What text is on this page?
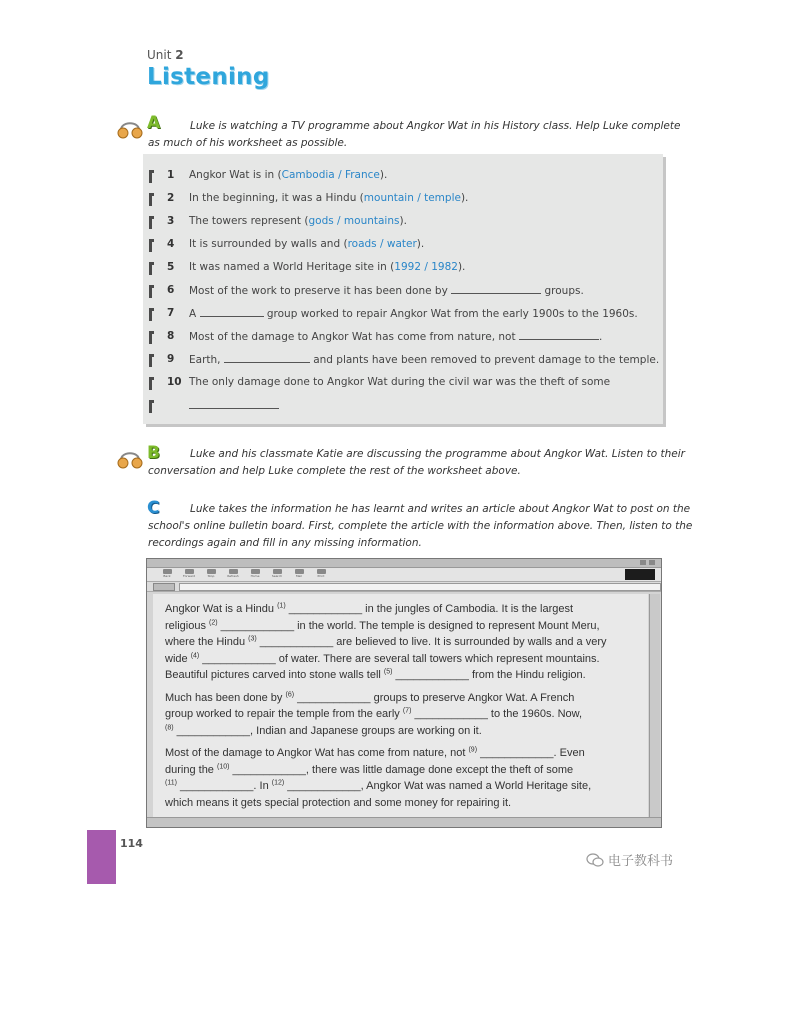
Unit 2
Listening
A	Luke is watching a TV programme about Angkor Wat in his History class. Help Luke complete
as much of his worksheet as possible.
1	Angkor Wat is in (Cambodia / France).
2	In the beginning, it was a Hindu (mountain / temple).
3	The towers represent (gods / mountains).
4	It is surrounded by walls and (roads / water).
5	It was named a World Heritage site in (1992 / 1982).
6	Most of the work to preserve it has been done by	groups.
7	A	group worked to repair Angkor Wat from the early 1900s to the 1960s.
8	Most of the damage to Angkor Wat has come from nature, not	.
9	Earth,	and plants have been removed to prevent damage to the temple.
10 The only damage done to Angkor Wat during the civil war was the theft of some
B	Luke and his classmate Katie are discussing the programme about Angkor Wat. Listen to their
conversation and help Luke complete the rest of the worksheet above.
C	Luke takes the information he has learnt and writes an article about Angkor Wat to post on the
school's online bulletin board. First, complete the article with the information above. Then, listen to the
recordings again and fill in any missing information.
Back	Forward	Stop	Refresh	Home	Search	Mail	Print

Angkor Wat is a Hindu $^{(1)}$ ____________ in the jungles of Cambodia. It is the largest
religious $^{(2)}$ ____________ in the world. The temple is designed to represent Mount Meru,
where the Hindu $^{(3)}$ ____________ are believed to live. It is surrounded by walls and a very
wide $^{(4)}$ ____________ of water. There are several tall towers which represent mountains.
Beautiful pictures carved into stone walls tell $^{(5)}$ ____________ from the Hindu religion.

Much has been done by $^{(6)}$ ____________ groups to preserve Angkor Wat. A French
group worked to repair the temple from the early $^{(7)}$ ____________ to the 1960s. Now,
$^{(8)}$ ____________, Indian and Japanese groups are working on it.

Most of the damage to Angkor Wat has come from nature, not $^{(9)}$ ____________. Even
during the $^{(10)}$ ____________, there was little damage done except the theft of some
$^{(11)}$ ____________. In $^{(12)}$ ____________, Angkor Wat was named a World Heritage site,
which means it gets special protection and some money for repairing it.

114
电子教科书
